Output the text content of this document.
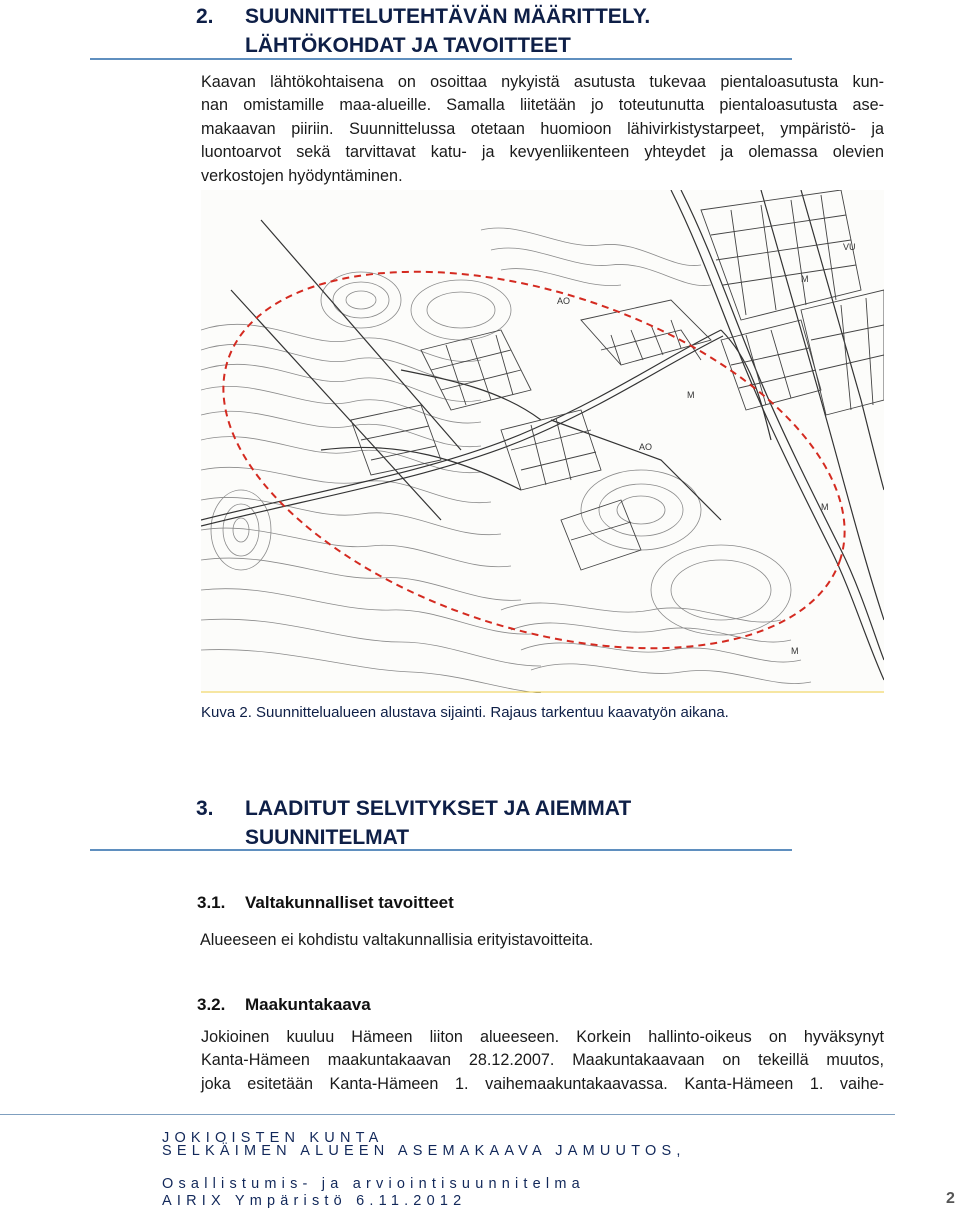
2. SUUNNITTELUTEHTÄVÄN MÄÄRITTELY.
LÄHTÖKOHDAT JA TAVOITTEET
Kaavan lähtökohtaisena on osoittaa nykyistä asutusta tukevaa pientaloasutusta kun-
nan omistamille maa-alueille. Samalla liitetään jo toteutunutta pientaloasutusta ase-
makaavan piiriin. Suunnittelussa otetaan huomioon lähivirkistystarpeet, ympäristö- ja
luontoarvot sekä tarvittavat katu- ja kevyenliikenteen yhteydet ja olemassa olevien
verkostojen hyödyntäminen.
AO
M
M
AO
VU
M
M
Kuva 2. Suunnittelualueen alustava sijainti. Rajaus tarkentuu kaavatyön aikana.
3. LAADITUT SELVITYKSET JA AIEMMAT
SUUNNITELMAT
3.1. Valtakunnalliset tavoitteet
Alueeseen ei kohdistu valtakunnallisia erityistavoitteita.
3.2. Maakuntakaava
Jokioinen kuuluu Hämeen liiton alueeseen. Korkein hallinto-oikeus on hyväksynyt
Kanta-Hämeen maakuntakaavan 28.12.2007. Maakuntakaavaan on tekeillä muutos,
joka esitetään Kanta-Hämeen 1. vaihemaakuntakaavassa. Kanta-Hämeen 1. vaihe-
JOKIOISTEN KUNTA
SELKÄIMEN ALUEEN ASEMAKAAVA JAMUUTOS,
Osallistumis- ja arviointisuunnitelma
AIRIX Ympäristö 6.11.2012	2
